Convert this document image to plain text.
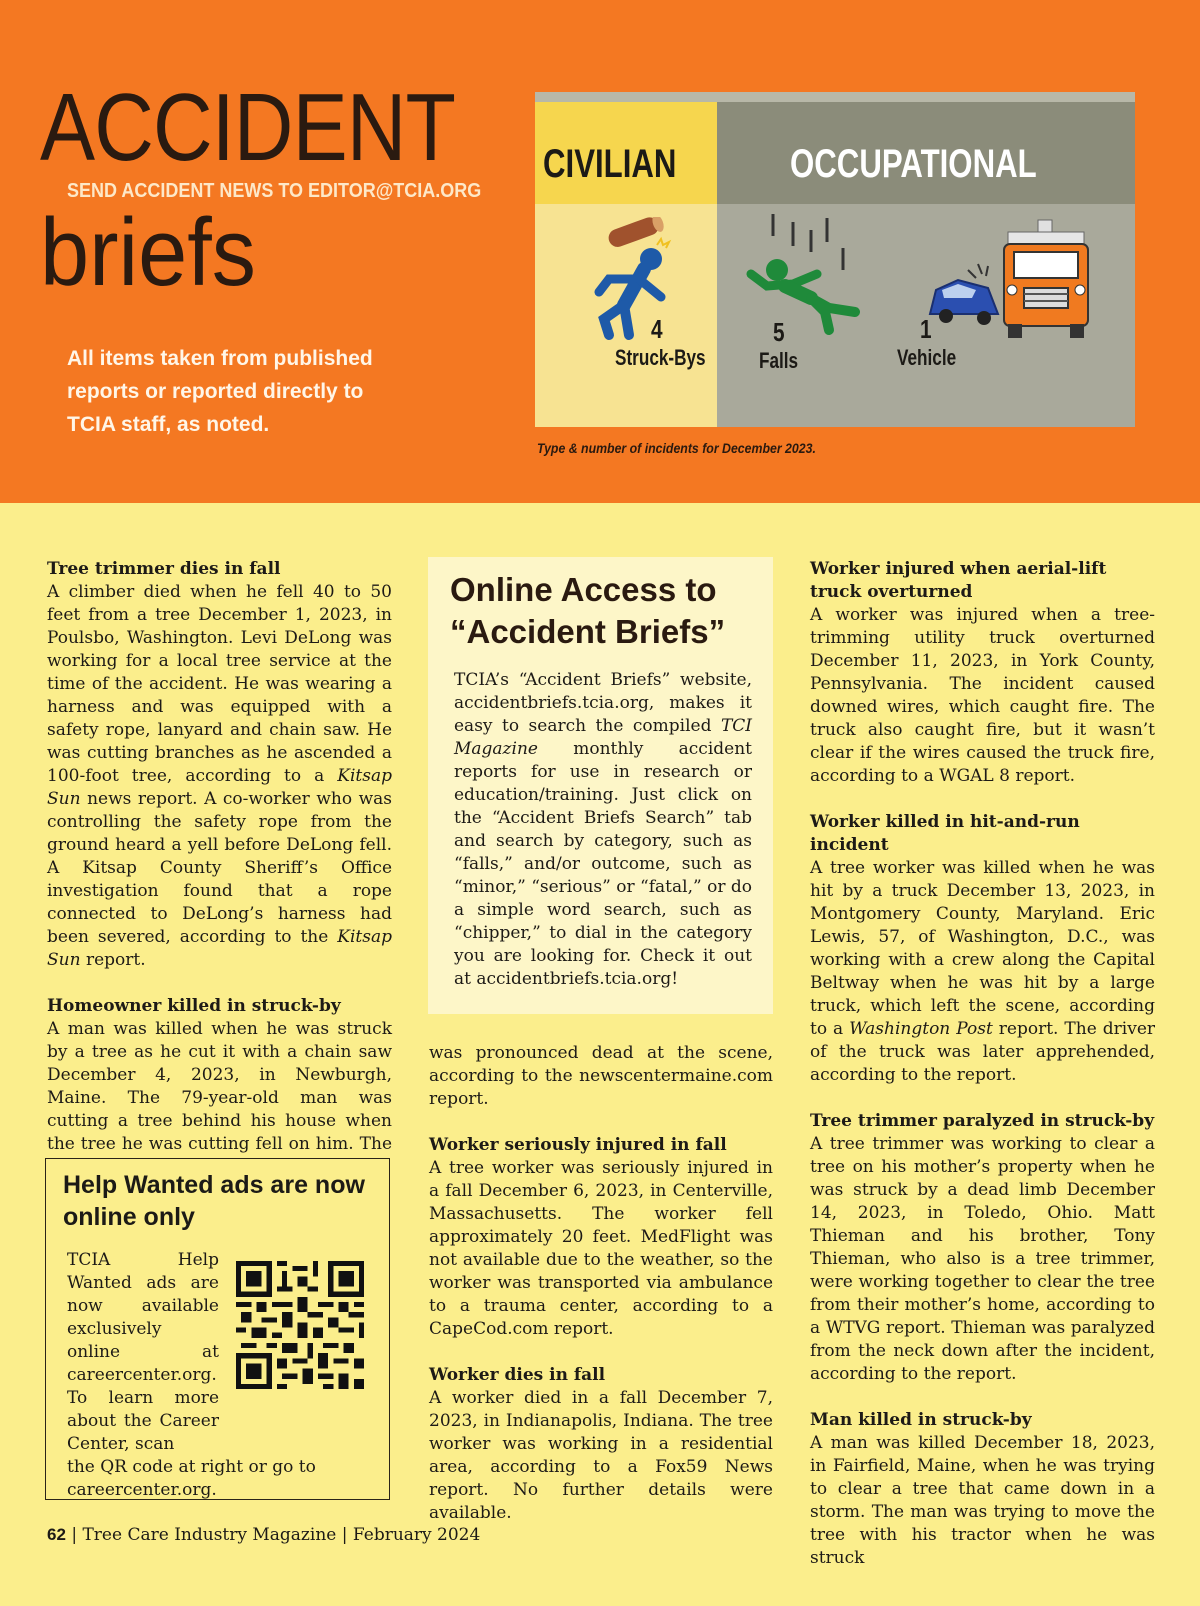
ACCIDENT
SEND ACCIDENT NEWS TO EDITOR@TCIA.ORG
briefs
All items taken from published reports or reported directly to TCIA staff, as noted.
CIVILIAN	OCCUPATIONAL
4
Struck-Bys
5
Falls
1
Vehicle
Type & number of incidents for December 2023.
Tree trimmer dies in fall

A climber died when he fell 40 to 50 feet from a tree December 1, 2023, in Poulsbo, Washington. Levi DeLong was working for a local tree service at the time of the accident. He was wearing a harness and was equipped with a safety rope, lanyard and chain saw. He was cutting branches as he ascended a 100-foot tree, according to a Kitsap Sun news report. A co-worker who was controlling the safety rope from the ground heard a yell before DeLong fell. A Kitsap County Sheriff’s Office investigation found that a rope connected to DeLong’s harness had been severed, according to the Kitsap Sun report.

Homeowner killed in struck-by

A man was killed when he was struck by a tree as he cut it with a chain saw December 4, 2023, in Newburgh, Maine. The 79-year-old man was cutting a tree behind his house when the tree he was cutting fell on him. The

Online Access to “Accident Briefs”
TCIA’s “Accident Briefs” website, accidentbriefs.tcia.org, makes it easy to search the compiled TCI Magazine monthly accident reports for use in research or education/training. Just click on the “Accident Briefs Search” tab and search by category, such as “falls,” and/or outcome, such as “minor,” “serious” or “fatal,” or do a simple word search, such as “chipper,” to dial in the category you are looking for. Check it out at accidentbriefs.tcia.org!
Help Wanted ads are now online only
TCIA Help Wanted ads are now available exclusively online at careercenter.org. To learn more about the Career Center, scan
the QR code at right or go to careercenter.org.

was pronounced dead at the scene, according to the newscentermaine.com report.

Worker seriously injured in fall

A tree worker was seriously injured in a fall December 6, 2023, in Centerville, Massachusetts. The worker fell approximately 20 feet. MedFlight was not available due to the weather, so the worker was transported via ambulance to a trauma center, according to a CapeCod.com report.

Worker dies in fall

A worker died in a fall December 7, 2023, in Indianapolis, Indiana. The tree worker was working in a residential area, according to a Fox59 News report. No further details were available.

Worker injured when aerial-lift truck overturned

A worker was injured when a tree-trimming utility truck overturned December 11, 2023, in York County, Pennsylvania. The incident caused downed wires, which caught fire. The truck also caught fire, but it wasn’t clear if the wires caused the truck fire, according to a WGAL 8 report.

Worker killed in hit-and-run incident

A tree worker was killed when he was hit by a truck December 13, 2023, in Montgomery County, Maryland. Eric Lewis, 57, of Washington, D.C., was working with a crew along the Capital Beltway when he was hit by a large truck, which left the scene, according to a Washington Post report. The driver of the truck was later apprehended, according to the report.

Tree trimmer paralyzed in struck-by

A tree trimmer was working to clear a tree on his mother’s property when he was struck by a dead limb December 14, 2023, in Toledo, Ohio. Matt Thieman and his brother, Tony Thieman, who also is a tree trimmer, were working together to clear the tree from their mother’s home, according to a WTVG report. Thieman was paralyzed from the neck down after the incident, according to the report.

Man killed in struck-by

A man was killed December 18, 2023, in Fairfield, Maine, when he was trying to clear a tree that came down in a storm. The man was trying to move the tree with his tractor when he was struck

62 | Tree Care Industry Magazine | February 2024
